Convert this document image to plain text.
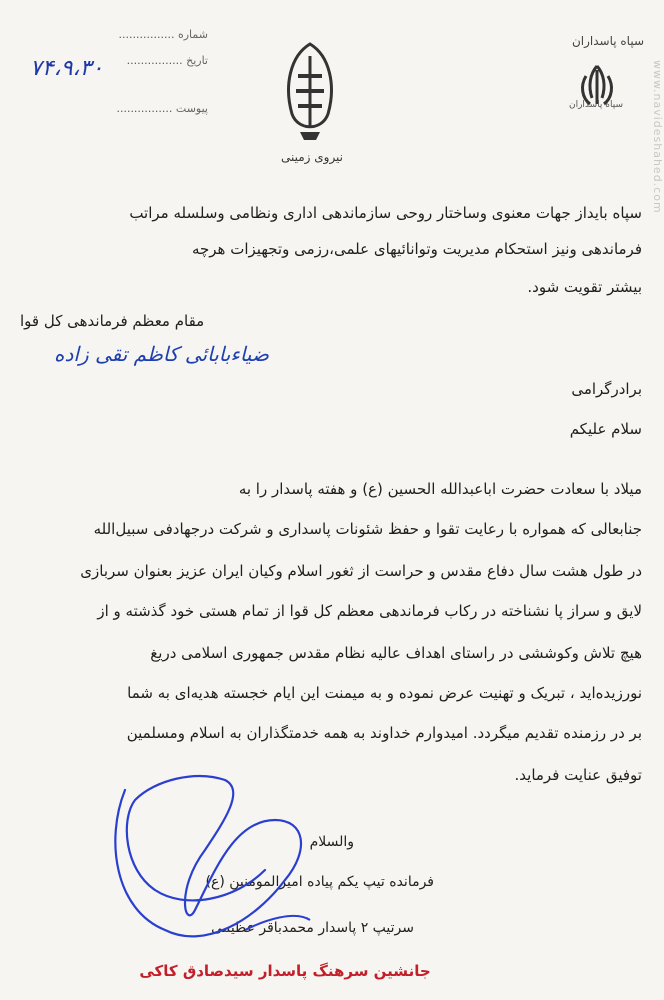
شماره ................
تاریخ ................
پیوست ................
۷۴،۹،۳۰
نیروی زمینی
سپاه پاسداران
سپاه پاسداران	www.navideshahed.com
سپاه بایداز جهات معنوی وساختار روحی سازماندهی اداری ونظامی وسلسله مراتب
فرماندهی ونیز استحکام مدیریت وتوانائیهای علمی،رزمی وتجهیزات هرچه
بیشتر تقویت شود.
مقام معظم فرماندهی کل قوا
برادرگرامی
ضیاء‌بابائی کاظم تقی زاده
سلام علیکم
میلاد با سعادت حضرت اباعبدالله الحسین (ع) و هفته پاسدار را به
جنابعالی که همواره با رعایت تقوا و حفظ شئونات پاسداری و شرکت درجهادفی سبیل‌الله
در طول هشت سال دفاع مقدس و حراست از ثغور اسلام وکیان ایران عزیز بعنوان سربازی
لایق و سراز پا نشناخته در رکاب فرماندهی معظم کل قوا از تمام هستی خود گذشته و از
هیچ تلاش وکوششی در راستای اهداف عالیه نظام مقدس جمهوری اسلامی دریغ
نورزیده‌اید ، تبریک و تهنیت عرض نموده و به میمنت این ایام خجسته هدیه‌ای به شما
بر در رزمنده تقدیم میگردد. امیدوارم خداوند به همه خدمتگذاران به اسلام ومسلمین
توفیق عنایت فرماید.
والسلام
فرمانده تیپ یکم پیاده امیرالمومنین (ع)
سرتیپ ۲ پاسدار محمدباقر عظیمی
جانشین سرهنگ پاسدار سیدصادق کاکی
